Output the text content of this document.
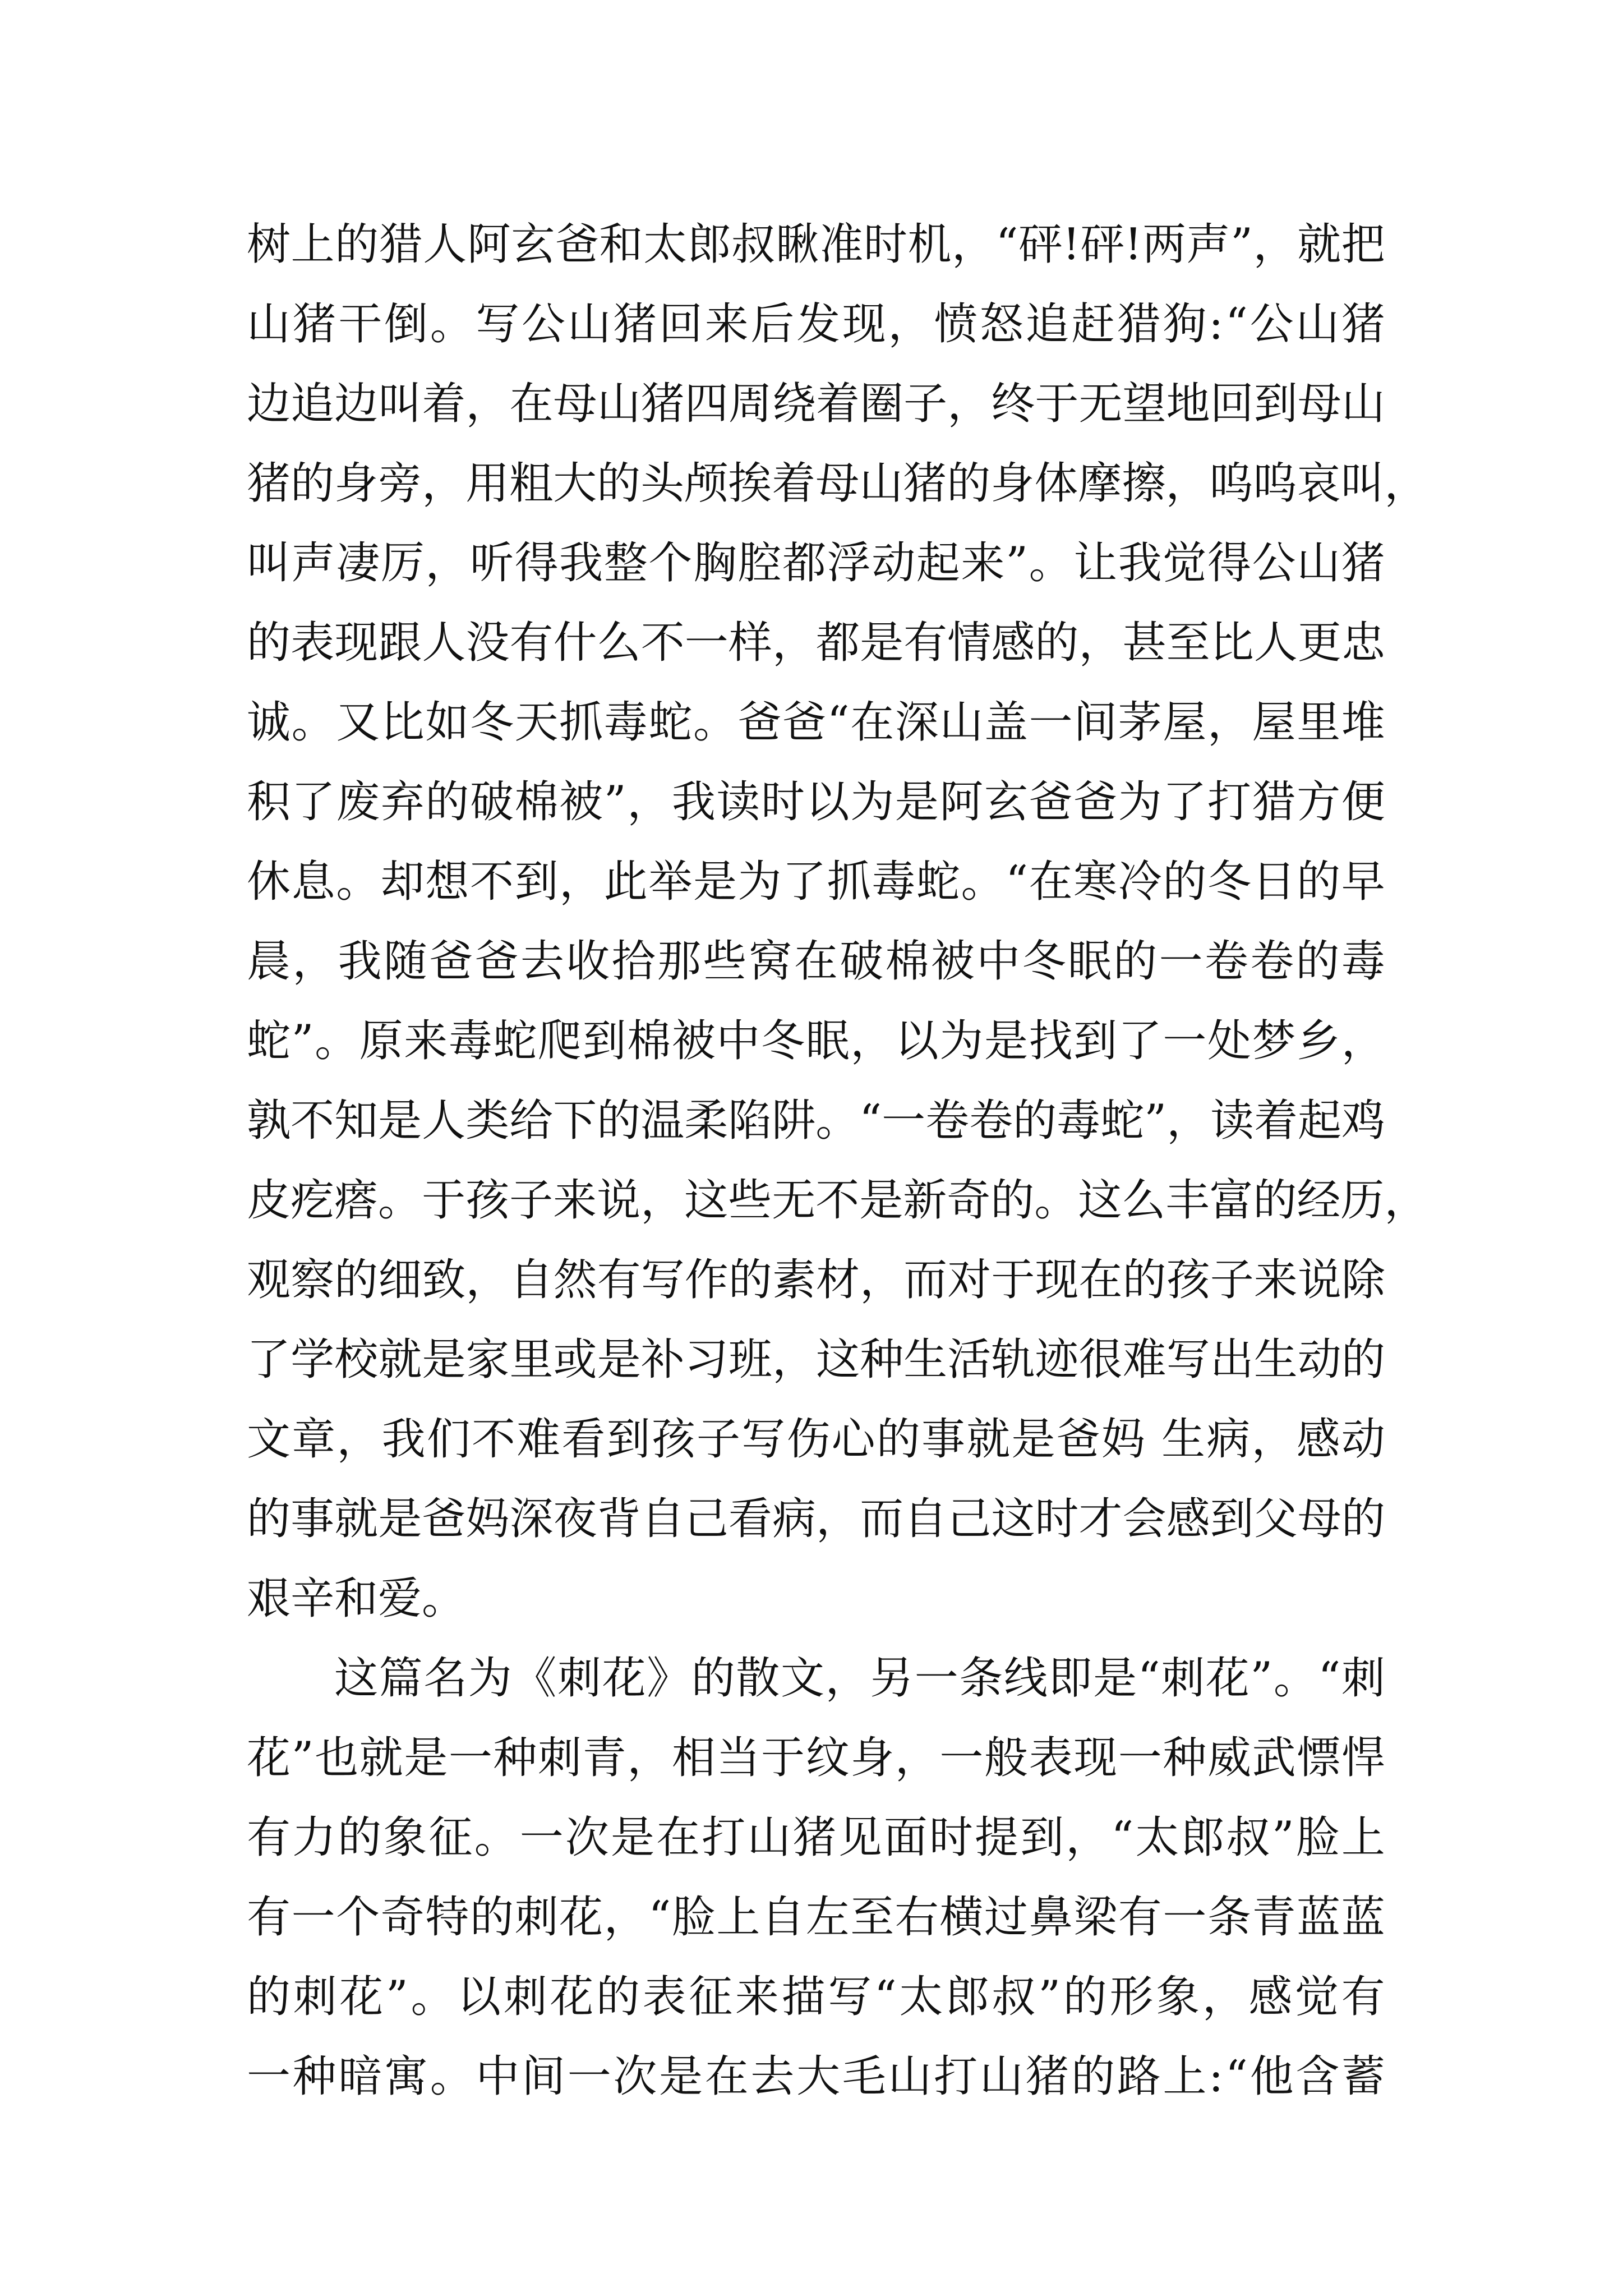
树 上 的 猎 人 阿 玄 爸 和 太 郎 叔 瞅 准 时 机 ， “ 砰 ! 砰 ! 两 声 ” ， 就 把
山 猪 干 倒 。 写 公 山 猪 回 来 后 发 现 ， 愤 怒 追 赶 猎 狗 : “ 公 山 猪
边 追 边 叫 着 ， 在 母 山 猪 四 周 绕 着 圈 子 ， 终 于 无 望 地 回 到 母 山
猪 的 身 旁 ， 用 粗 大 的 头 颅 挨 着 母 山 猪 的 身 体 摩 擦 ， 呜 呜 哀 叫 ，
叫 声 凄 厉 ， 听 得 我 整 个 胸 腔 都 浮 动 起 来 ” 。 让 我 觉 得 公 山 猪
的 表 现 跟 人 没 有 什 么 不 一 样 ， 都 是 有 情 感 的 ， 甚 至 比 人 更 忠
诚 。 又 比 如 冬 天 抓 毒 蛇 。 爸 爸 “ 在 深 山 盖 一 间 茅 屋 ， 屋 里 堆
积 了 废 弃 的 破 棉 被 ” ， 我 读 时 以 为 是 阿 玄 爸 爸 为 了 打 猎 方 便
休 息 。 却 想 不 到 ， 此 举 是 为 了 抓 毒 蛇 。 “ 在 寒 冷 的 冬 日 的 早
晨 ， 我 随 爸 爸 去 收 拾 那 些 窝 在 破 棉 被 中 冬 眠 的 一 卷 卷 的 毒
蛇 ” 。 原 来 毒 蛇 爬 到 棉 被 中 冬 眠 ， 以 为 是 找 到 了 一 处 梦 乡 ，
孰 不 知 是 人 类 给 下 的 温 柔 陷 阱 。 “ 一 卷 卷 的 毒 蛇 ” ， 读 着 起 鸡
皮 疙 瘩 。 于 孩 子 来 说 ， 这 些 无 不 是 新 奇 的 。 这 么 丰 富 的 经 历 ，
观 察 的 细 致 ， 自 然 有 写 作 的 素 材 ， 而 对 于 现 在 的 孩 子 来 说 除
了 学 校 就 是 家 里 或 是 补 习 班 ， 这 种 生 活 轨 迹 很 难 写 出 生 动 的
文 章 ， 我 们 不 难 看 到 孩 子 写 伤 心 的 事 就 是 爸 妈
生 病 ， 感 动
的 事 就 是 爸 妈 深 夜 背 自 己 看 病 ， 而 自 己 这 时 才 会 感 到 父 母 的
艰辛和爱。
这 篇 名 为 《 刺 花 》 的 散 文 ， 另 一 条 线 即 是 “ 刺 花 ” 。 “ 刺
花 ” 也 就 是 一 种 刺 青 ， 相 当 于 纹 身 ， 一 般 表 现 一 种 威 武 慓 悍
有 力 的 象 征 。 一 次 是 在 打 山 猪 见 面 时 提 到 ， “ 太 郎 叔 ” 脸 上
有 一 个 奇 特 的 刺 花 ， “ 脸 上 自 左 至 右 横 过 鼻 梁 有 一 条 青 蓝 蓝
的 刺 花 ” 。 以 刺 花 的 表 征 来 描 写 “ 太 郎 叔 ” 的 形 象 ， 感 觉 有
一 种 暗 寓 。 中 间 一 次 是 在 去 大 毛 山 打 山 猪 的 路 上 : “ 他 含 蓄
